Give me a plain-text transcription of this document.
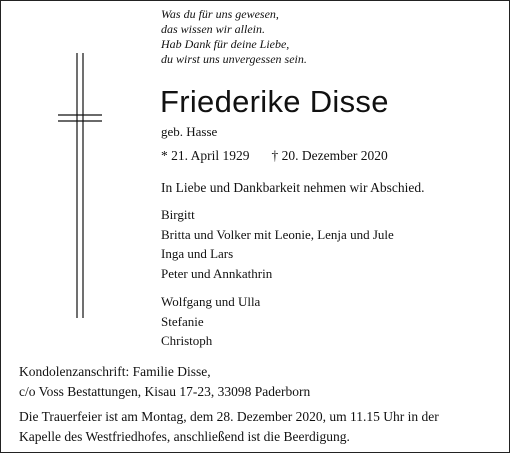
Was du für uns gewesen,
das wissen wir allein.
Hab Dank für deine Liebe,
du wirst uns unvergessen sein.
Friederike Disse
geb. Hasse
* 21. April 1929 † 20. Dezember 2020
In Liebe und Dankbarkeit nehmen wir Abschied.
Birgitt
Britta und Volker mit Leonie, Lenja und Jule
Inga und Lars
Peter und Annkathrin
Wolfgang und Ulla
Stefanie
Christoph
Kondolenzanschrift: Familie Disse,
c/o Voss Bestattungen, Kisau 17-23, 33098 Paderborn
Die Trauerfeier ist am Montag, dem 28. Dezember 2020, um 11.15 Uhr in der
Kapelle des Westfriedhofes, anschließend ist die Beerdigung.
